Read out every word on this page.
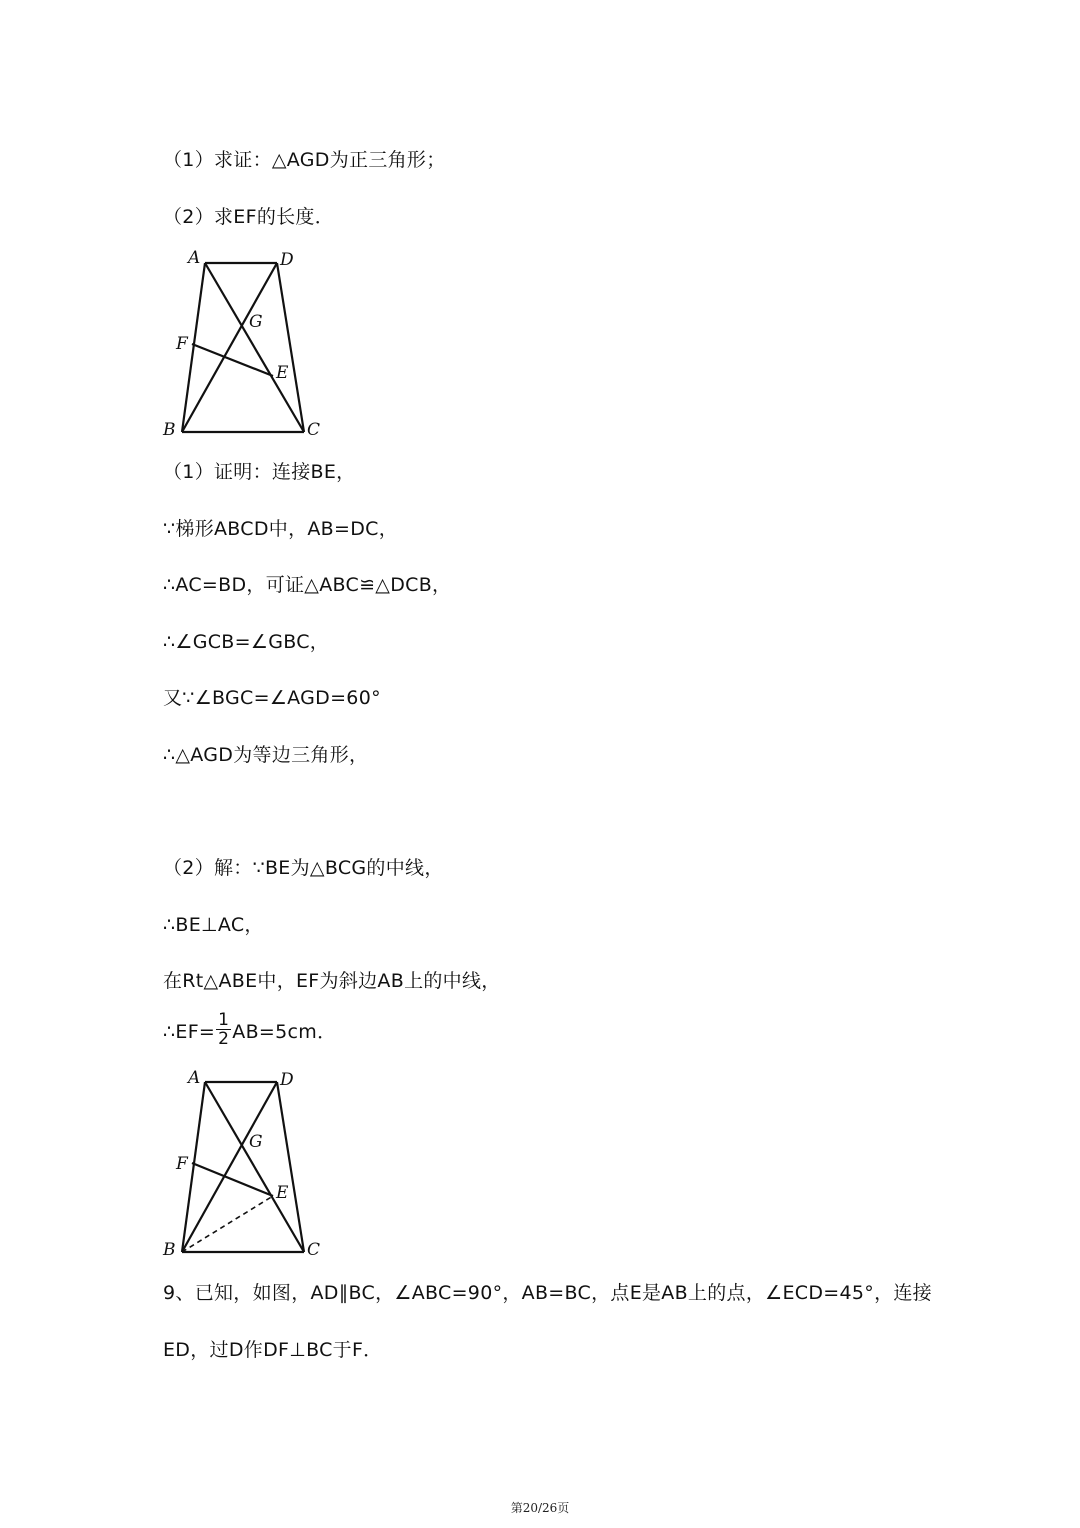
（1）求证：△AGD为正三角形；
（2）求EF的长度．
A	D
G
F
E
B	C
（1）证明：连接BE，
∵梯形ABCD中，AB=DC，
∴AC=BD，可证△ABC≌△DCB，
∴∠GCB=∠GBC，
又∵∠BGC=∠AGD=60°
∴△AGD为等边三角形，
（2）解：∵BE为△BCG的中线，
∴BE⊥AC，
在Rt△ABE中，EF为斜边AB上的中线，
∴EF= $\frac{1}{2} AB=5cm$．
A	D
G
F
E
B	C
9、已知，如图，AD∥BC，∠ABC=90°，AB=BC，点E是AB上的点，∠ECD=45°，连接
ED，过D作DF⊥BC于F．
第20/26页
